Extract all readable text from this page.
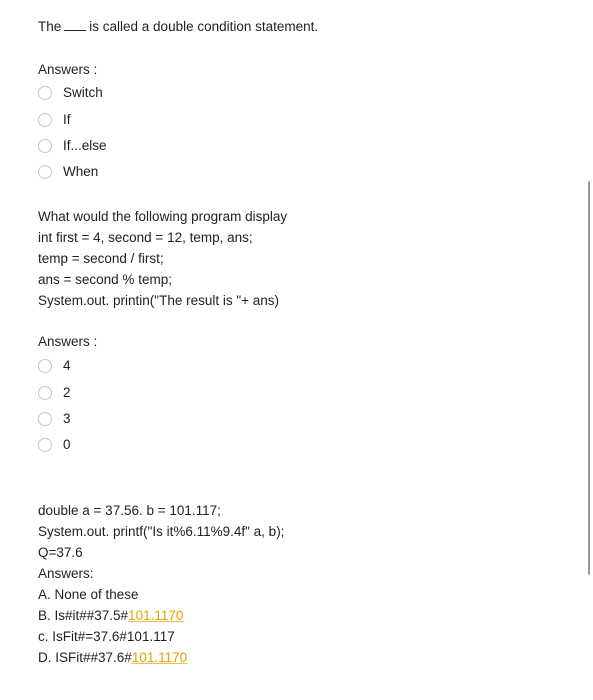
The is called a double condition statement.
Answers :
Switch
If
If...else
When
What would the following program display
int first = 4, second = 12, temp, ans;
temp = second / first;
ans = second % temp;
System.out. printin("The result is "+ ans)
Answers :
4
2
3
0
double a = 37.56. b = 101.117;
System.out. printf("Is it%6.11%9.4f" a, b);
Q=37.6
Answers:
A. None of these
B. Is#it##37.5#101.1170
c. IsFit#=37.6#101.117
D. ISFit##37.6#101.1170
